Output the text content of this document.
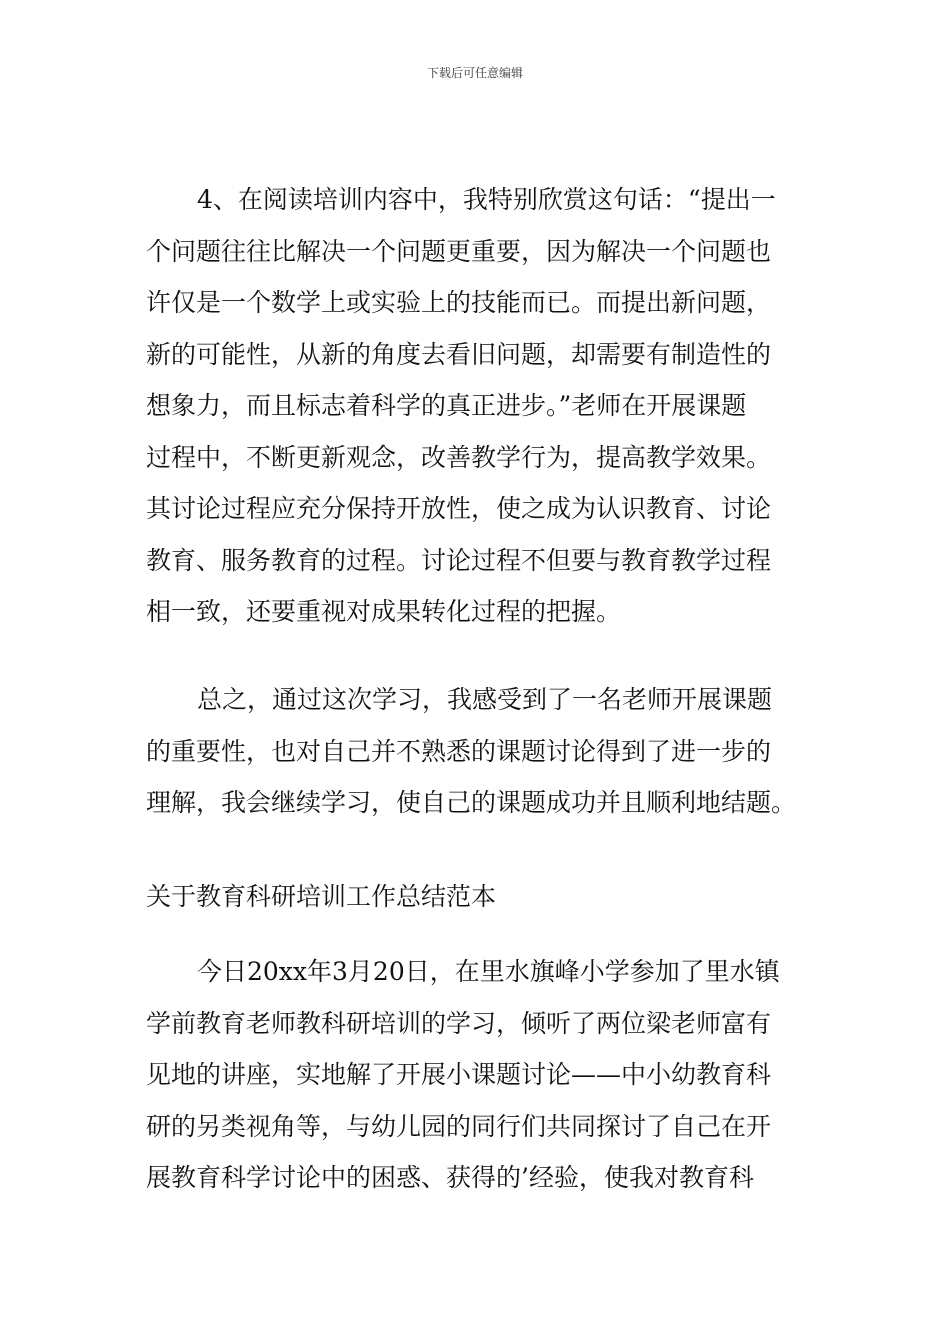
下载后可任意编辑
4、在阅读培训内容中，我特别欣赏这句话：“提出一
个问题往往比解决一个问题更重要，因为解决一个问题也
许仅是一个数学上或实验上的技能而已。而提出新问题，
新的可能性，从新的角度去看旧问题，却需要有制造性的
想象力，而且标志着科学的真正进步。”老师在开展课题
过程中，不断更新观念，改善教学行为，提高教学效果。
其讨论过程应充分保持开放性，使之成为认识教育、讨论
教育、服务教育的过程。讨论过程不但要与教育教学过程
相一致，还要重视对成果转化过程的把握。
总之，通过这次学习，我感受到了一名老师开展课题
的重要性，也对自己并不熟悉的课题讨论得到了进一步的
理解，我会继续学习，使自己的课题成功并且顺利地结题。
关于教育科研培训工作总结范本
今日20xx年3月20日，在里水旗峰小学参加了里水镇
学前教育老师教科研培训的学习，倾听了两位梁老师富有
见地的讲座，实地解了开展小课题讨论——中小幼教育科
研的另类视角等，与幼儿园的同行们共同探讨了自己在开
展教育科学讨论中的困惑、获得的’经验，使我对教育科
